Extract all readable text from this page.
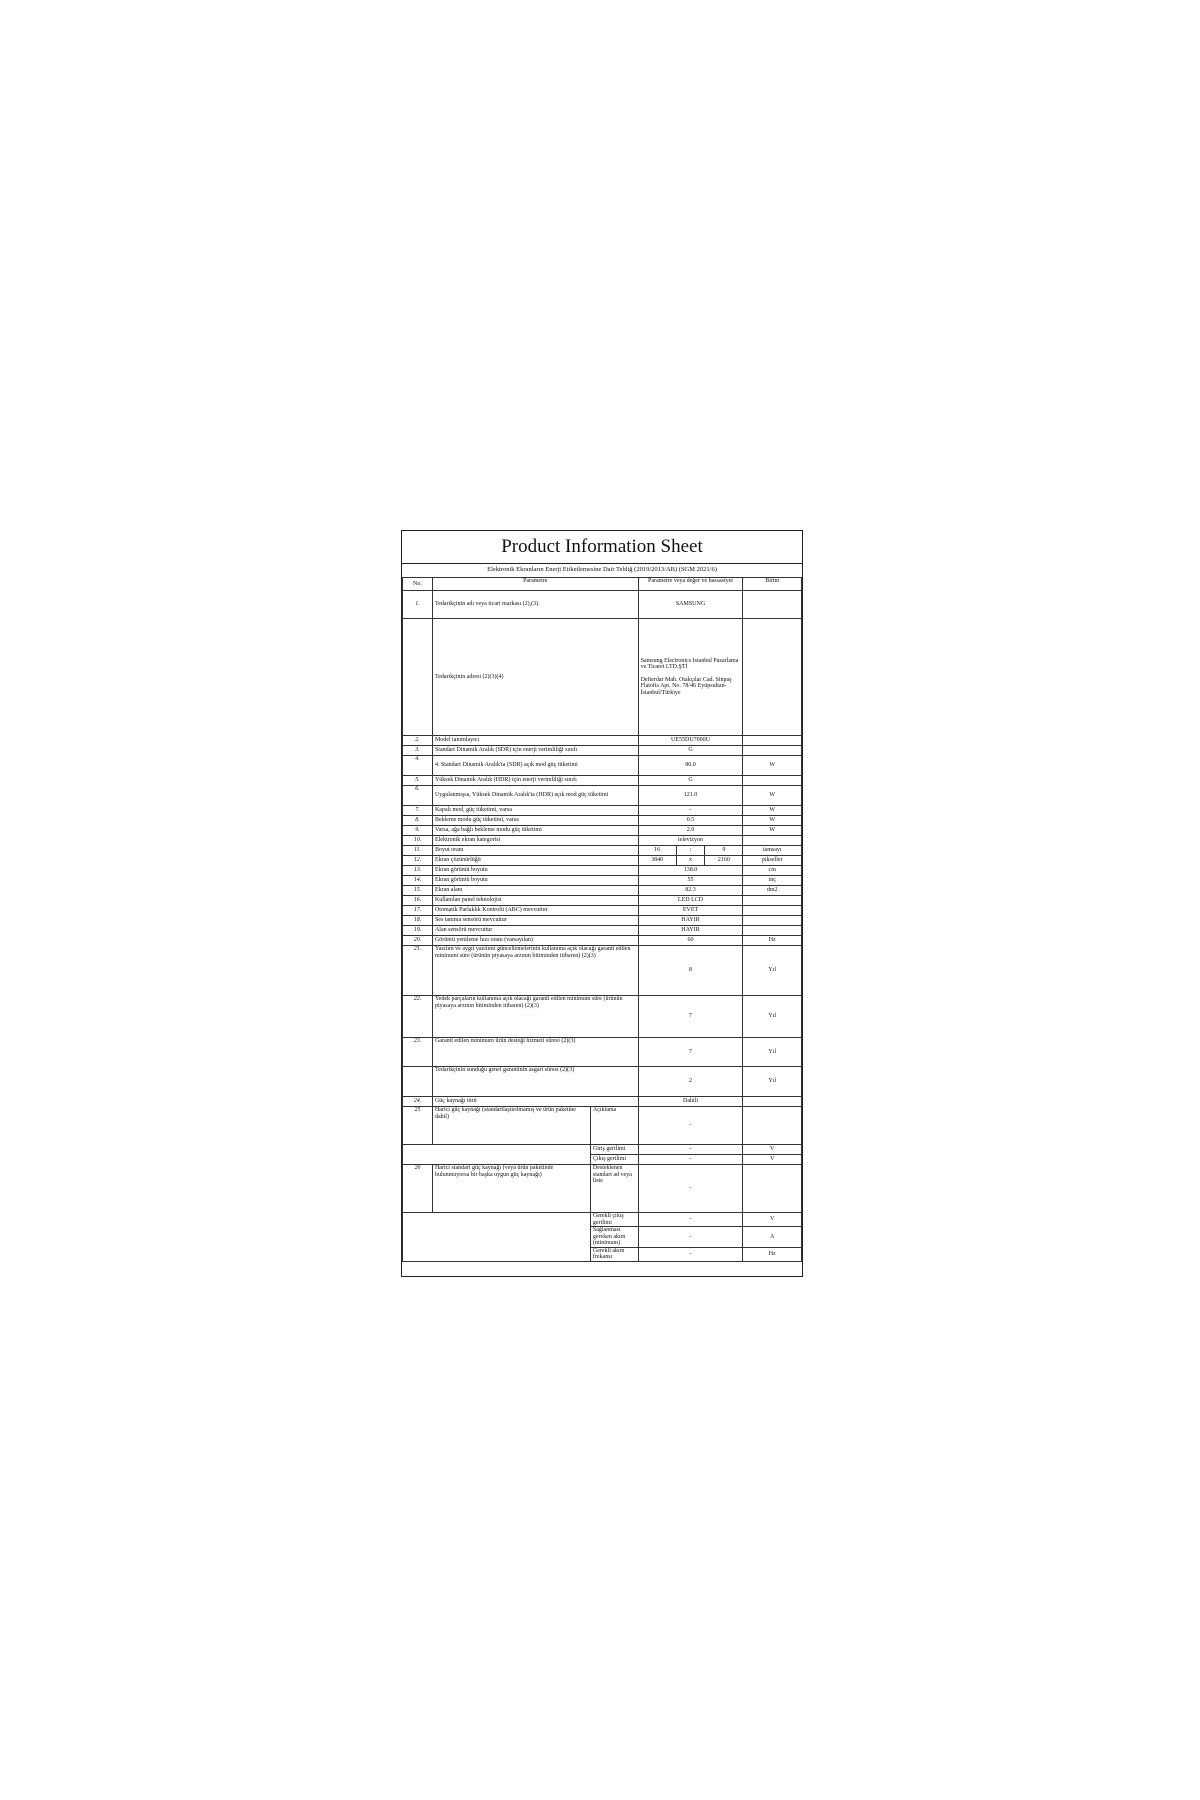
Product Information Sheet
Elektronik Ekranların Enerji Etiketlemesine Dair Tebliğ (2019/2013/AB) (SGM 2021/6)
No.	Parametre		Parametre veya değer ve hassasiyet			Birim
1.	Tedarikçinin adı veya ticari markası (2),(3).		SAMSUNG			
	Tedarikçinin adresi (2)(3)(4)		Samsung Electronics Istanbul Pazarlama ve Ticaret LTD.ŞTİ
Defterdar Mah. Otakçılar Cad. Sinpaş Flatofis Apt. No. 78/46 Eyüpsultan-İstanbul/Türkiye			

2.	Model tanımlayıcı		UE55DU7000U			
3.	Standart Dinamik Aralık (SDR) için enerji verimliliği sınıfı		G			
4.	4. Standart Dinamik Aralık'ta (SDR) açık mod güç tüketimi		80.0			W
5.	Yüksek Dinamik Aralık (HDR) için enerji verimliliği sınıfı		G			
6.	Uygulanmışsa, Yüksek Dinamik Aralık'ta (HDR) açık mod güç tüketimi		121.0			W
7.	Kapalı mod, güç tüketimi, varsa		-			W
8.	Bekleme modu güç tüketimi, varsa		0.5			W
9.	Varsa, ağa bağlı bekleme modu güç tüketimi		2.0			W
10.	Elektronik ekran kategorisi		televizyon			
11.	Boyut oranı		16	:	9	tamsayı
12.	Ekran çözünürlüğü		3840	x	2160	pikseller
13.	Ekran görüntü boyutu		138.0			cm
14.	Ekran görüntü boyutu		55			inç
15.	Ekran alanı		82.3			dm2
16.	Kullanılan panel teknolojisi		LED LCD			
17.	Otomatik Parlaklık Kontrolü (ABC) mevcuttur		EVET			
18.	Ses tanıma sensörü mevcuttur		HAYIR			
19.	Alan sensörü mevcuttur		HAYIR			
20.	Görüntü yenileme hızı oranı (varsayılan)		60			Hz
21.	Yazılım ve aygıt yazılımı güncellemelerinin kullanıma açık olacağı garanti edilen minimum süre (ürünün piyasaya arzının bitiminden itibaren) (2)(3)		8			Yıl
22.	Yedek parçaların kullanıma açık olacağı garanti edilen minimum süre (ürünün piyasaya arzının bitiminden itibaren) (2)(3)		7			Yıl
23.	Garanti edilen minimum ürün desteği hizmeti süresi (2)(3)		7			Yıl
	Tedarikçinin sunduğu genel garantinin asgari süresi (2)(3)		2			Yıl
24.	Güç kaynağı türü		Dahili			
25	Harici güç kaynağı (standartlaştırılmamış ve ürün paketine dahil)	Açıklama	-			
		Giriş gerilimi	-			V
		Çıkış gerilimi	-			V
26	Harici standart güç kaynağı (veya ürün paketinde bulunmuyorsa bir başka uygun güç kaynağı)	Desteklenen standart ad veya liste	-			
		Gerekli çıkış gerilimi	-			V
		Sağlanması gereken akım (minimum)	-			A
		Gerekli akım frekansı	-			Hz
